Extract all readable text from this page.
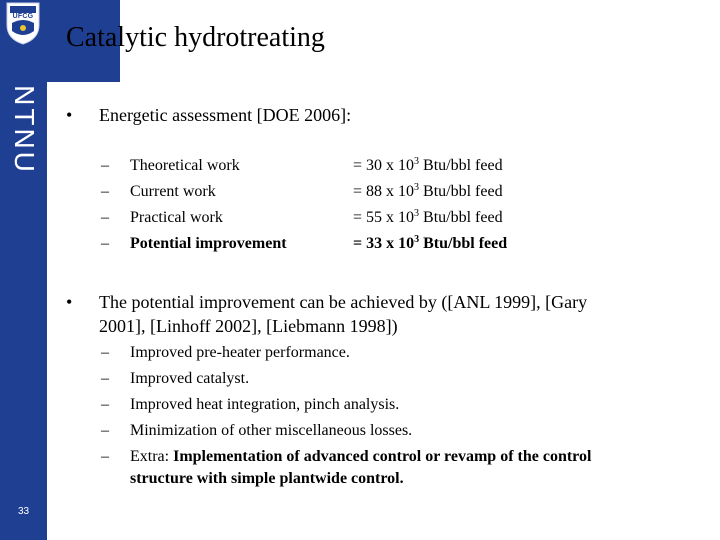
UFCG
NTNU
33
Catalytic hydrotreating
• Energetic assessment [DOE 2006]:
– Theoretical work	= 30 x $10^3$ Btu/bbl feed
– Current work	= 88 x $10^3$ Btu/bbl feed
– Practical work	= 55 x $10^3$ Btu/bbl feed
– Potential improvement	= 33 x $10^3$ Btu/bbl feed
• The potential improvement can be achieved by ([ANL 1999], [Gary
2001], [Linhoff 2002], [Liebmann 1998])
– Improved pre-heater performance.
– Improved catalyst.
– Improved heat integration, pinch analysis.
– Minimization of other miscellaneous losses.
– Extra: Implementation of advanced control or revamp of the control
structure with simple plantwide control.
